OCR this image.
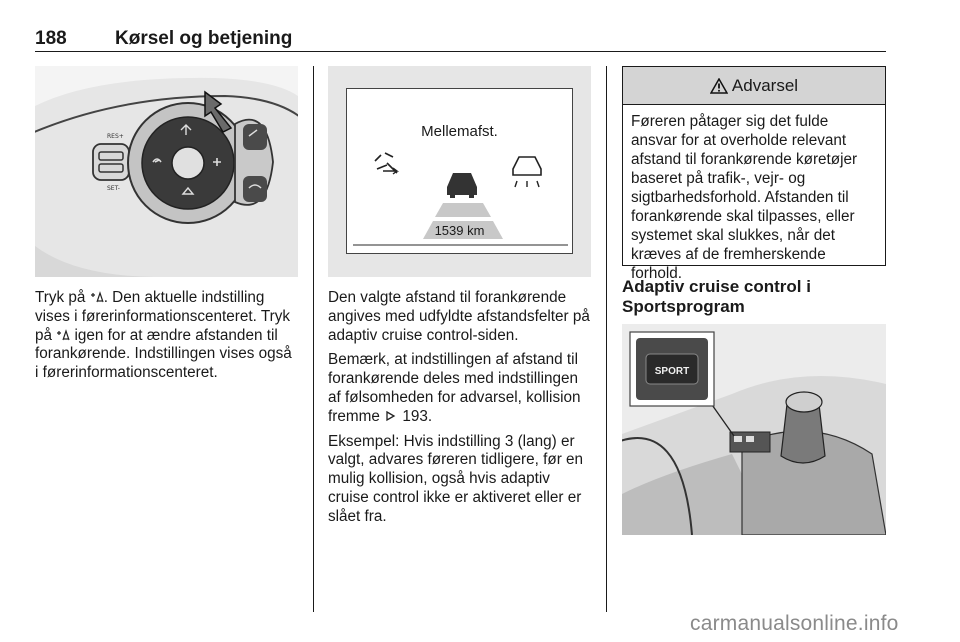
188	Kørsel og betjening
RES+
SET-

Tryk på . Den aktuelle indstilling vises i førerinformationscenteret. Tryk på  igen for at ændre afstanden til forankørende. Indstillingen vises også i førerinformationscenteret.

Mellemafst.
1539 km

Den valgte afstand til forankørende angives med udfyldte afstandsfelter på adaptiv cruise control-siden.

Bemærk, at indstillingen af afstand til forankørende deles med indstillingen af følsomheden for advarsel, kollision fremme  193.

Eksempel: Hvis indstilling 3 (lang) er valgt, advares føreren tidligere, før en mulig kollision, også hvis adaptiv cruise control ikke er aktiveret eller er slået fra.

Advarsel
Føreren påtager sig det fulde ansvar for at overholde relevant afstand til forankørende køretøjer baseret på trafik-, vejr- og sigtbarhedsforhold. Afstanden til forankørende skal tilpasses, eller systemet skal slukkes, når det kræves af de fremherskende forhold.
Adaptiv cruise control i Sportsprogram
SPORT
carmanualsonline.info
